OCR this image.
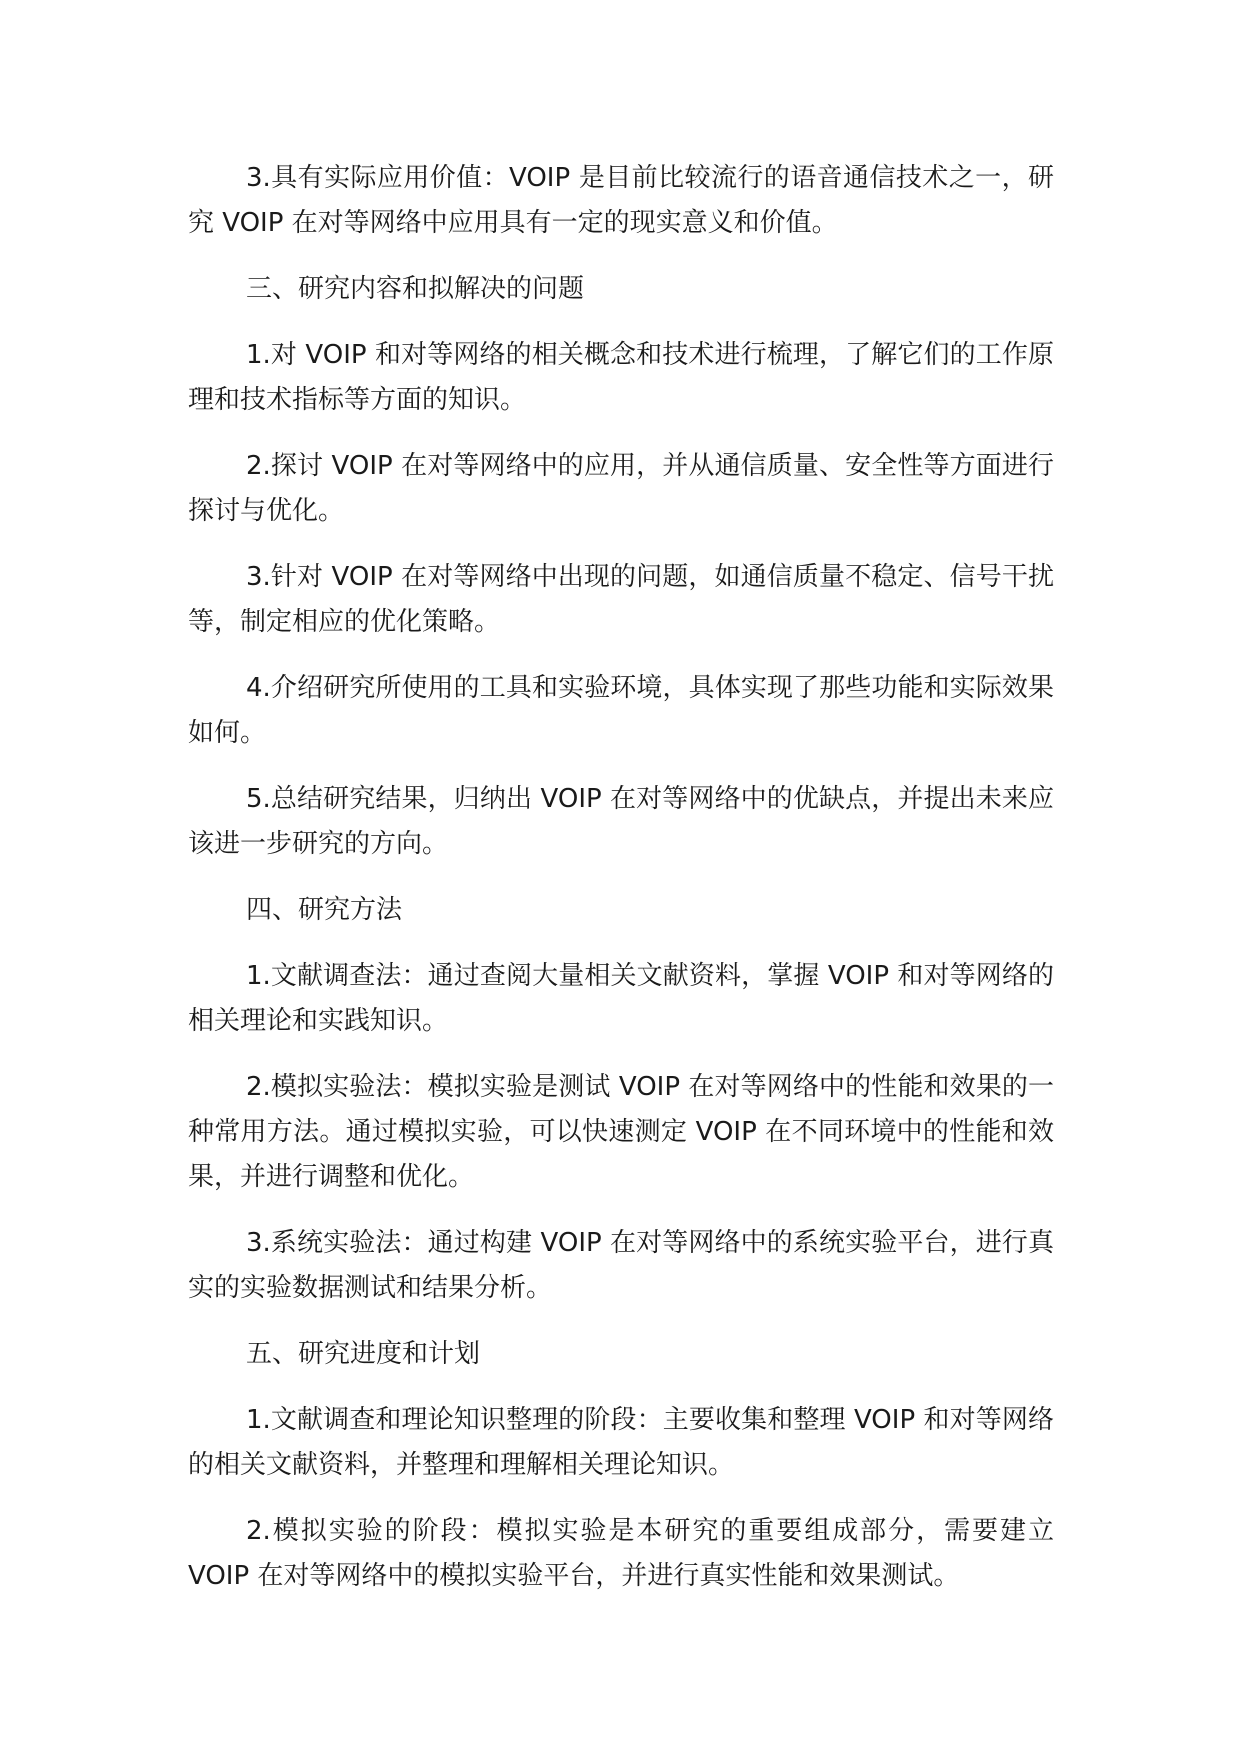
3.具有实际应用价值：VOIP 是目前比较流行的语音通信技术之一，研究 VOIP 在对等网络中应用具有一定的现实意义和价值。

三、研究内容和拟解决的问题

1.对 VOIP 和对等网络的相关概念和技术进行梳理，了解它们的工作原理和技术指标等方面的知识。

2.探讨 VOIP 在对等网络中的应用，并从通信质量、安全性等方面进行探讨与优化。

3.针对 VOIP 在对等网络中出现的问题，如通信质量不稳定、信号干扰等，制定相应的优化策略。

4.介绍研究所使用的工具和实验环境，具体实现了那些功能和实际效果如何。

5.总结研究结果，归纳出 VOIP 在对等网络中的优缺点，并提出未来应该进一步研究的方向。

四、研究方法

1.文献调查法：通过查阅大量相关文献资料，掌握 VOIP 和对等网络的相关理论和实践知识。

2.模拟实验法：模拟实验是测试 VOIP 在对等网络中的性能和效果的一种常用方法。通过模拟实验，可以快速测定 VOIP 在不同环境中的性能和效果，并进行调整和优化。

3.系统实验法：通过构建 VOIP 在对等网络中的系统实验平台，进行真实的实验数据测试和结果分析。

五、研究进度和计划

1.文献调查和理论知识整理的阶段：主要收集和整理 VOIP 和对等网络的相关文献资料，并整理和理解相关理论知识。

2.模拟实验的阶段：模拟实验是本研究的重要组成部分，需要建立 VOIP 在对等网络中的模拟实验平台，并进行真实性能和效果测试。
